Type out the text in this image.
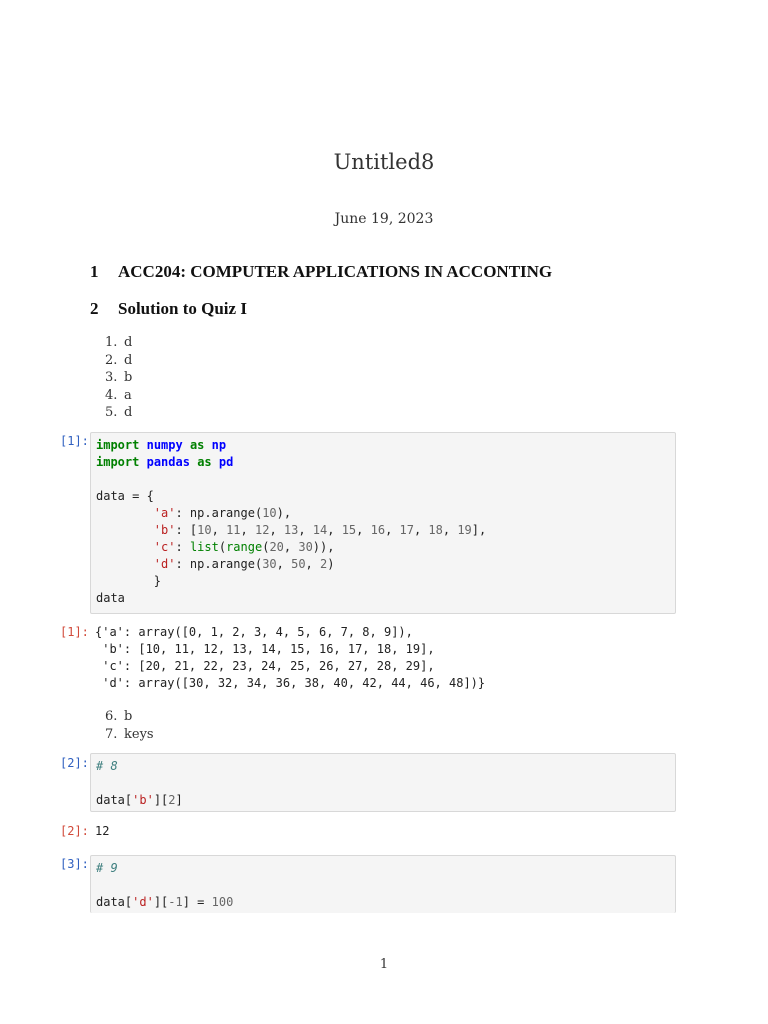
Untitled8
June 19, 2023
1 ACC204: COMPUTER APPLICATIONS IN ACCONTING
2 Solution to Quiz I
1. d
2. d
3. b
4. a
5. d
[1]: import numpy as np
import pandas as pd

data = {
'a': np.arange(10),
'b': [10, 11, 12, 13, 14, 15, 16, 17, 18, 19],
'c': list(range(20, 30)),
'd': np.arange(30, 50, 2)
}
data
[1]: {'a': array([0, 1, 2, 3, 4, 5, 6, 7, 8, 9]),
'b': [10, 11, 12, 13, 14, 15, 16, 17, 18, 19],
'c': [20, 21, 22, 23, 24, 25, 26, 27, 28, 29],
'd': array([30, 32, 34, 36, 38, 40, 42, 44, 46, 48])}
6. b
7. keys
[2]: # 8

data['b'][2]
[2]: 12
[3]: # 9

data['d'][-1] = 100
1
